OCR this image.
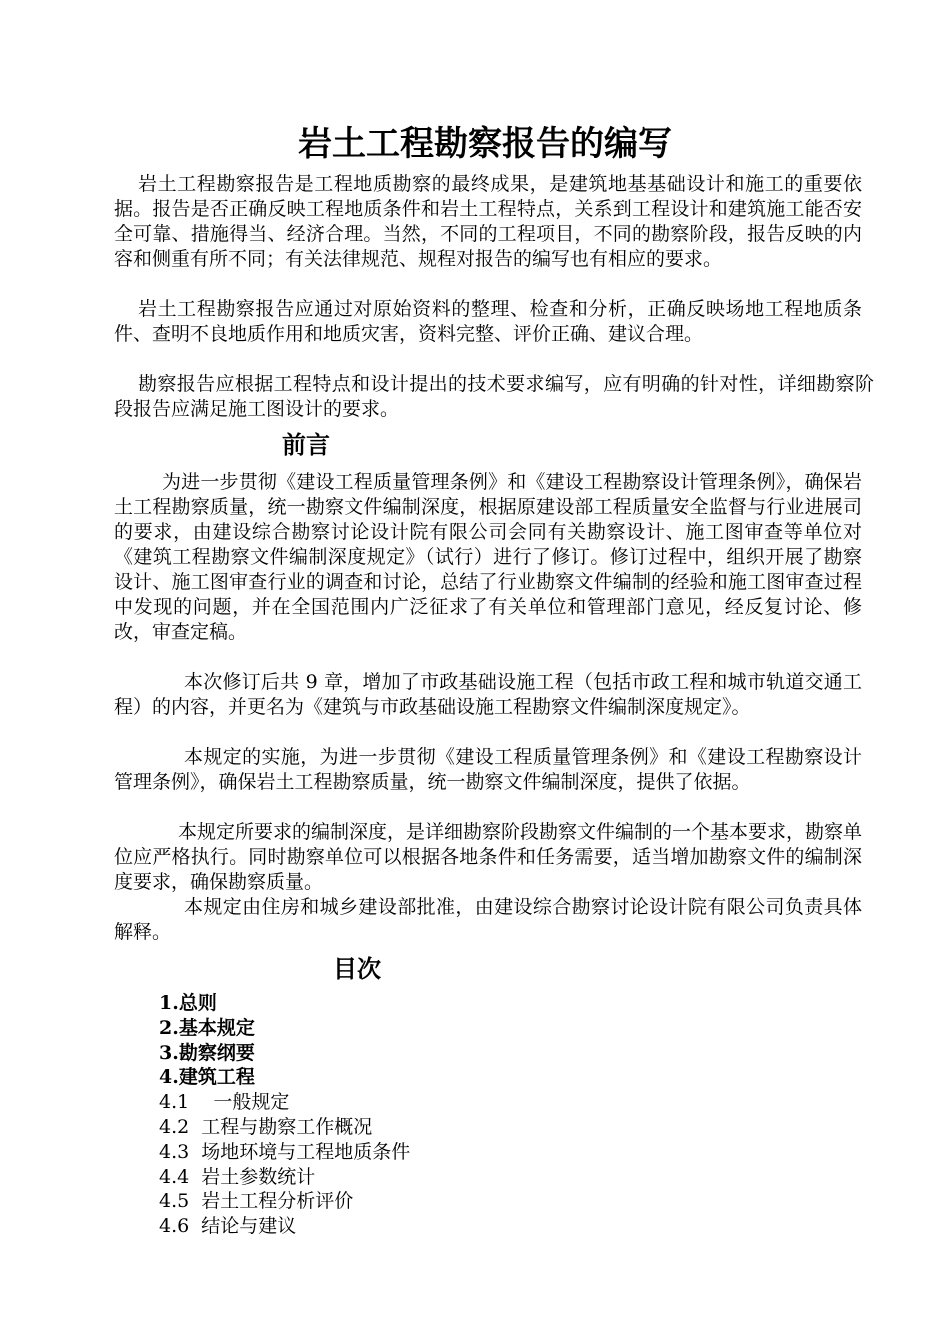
岩土工程勘察报告的编写

岩土工程勘察报告是工程地质勘察的最终成果，是建筑地基基础设计和施工的重要依据。报告是否正确反映工程地质条件和岩土工程特点，关系到工程设计和建筑施工能否安全可靠、措施得当、经济合理。当然，不同的工程项目，不同的勘察阶段，报告反映的内容和侧重有所不同；有关法律规范、规程对报告的编写也有相应的要求。

岩土工程勘察报告应通过对原始资料的整理、检查和分析，正确反映场地工程地质条件、查明不良地质作用和地质灾害，资料完整、评价正确、建议合理。

勘察报告应根据工程特点和设计提出的技术要求编写，应有明确的针对性，详细勘察阶段报告应满足施工图设计的要求。

前言

为进一步贯彻《建设工程质量管理条例》和《建设工程勘察设计管理条例》，确保岩土工程勘察质量，统一勘察文件编制深度，根据原建设部工程质量安全监督与行业进展司的要求，由建设综合勘察讨论设计院有限公司会同有关勘察设计、施工图审查等单位对《建筑工程勘察文件编制深度规定》（试行）进行了修订。修订过程中，组织开展了勘察设计、施工图审查行业的调查和讨论，总结了行业勘察文件编制的经验和施工图审查过程中发现的问题，并在全国范围内广泛征求了有关单位和管理部门意见，经反复讨论、修改，审查定稿。

本次修订后共 9 章，增加了市政基础设施工程（包括市政工程和城市轨道交通工程）的内容，并更名为《建筑与市政基础设施工程勘察文件编制深度规定》。

本规定的实施，为进一步贯彻《建设工程质量管理条例》和《建设工程勘察设计管理条例》，确保岩土工程勘察质量，统一勘察文件编制深度，提供了依据。

本规定所要求的编制深度，是详细勘察阶段勘察文件编制的一个基本要求，勘察单位应严格执行。同时勘察单位可以根据各地条件和任务需要，适当增加勘察文件的编制深度要求，确保勘察质量。

本规定由住房和城乡建设部批准，由建设综合勘察讨论设计院有限公司负责具体解释。

目次
1.总则
2.基本规定
3.勘察纲要
4.建筑工程
4.1    一般规定
4.2  工程与勘察工作概况
4.3  场地环境与工程地质条件
4.4  岩土参数统计
4.5  岩土工程分析评价
4.6  结论与建议
